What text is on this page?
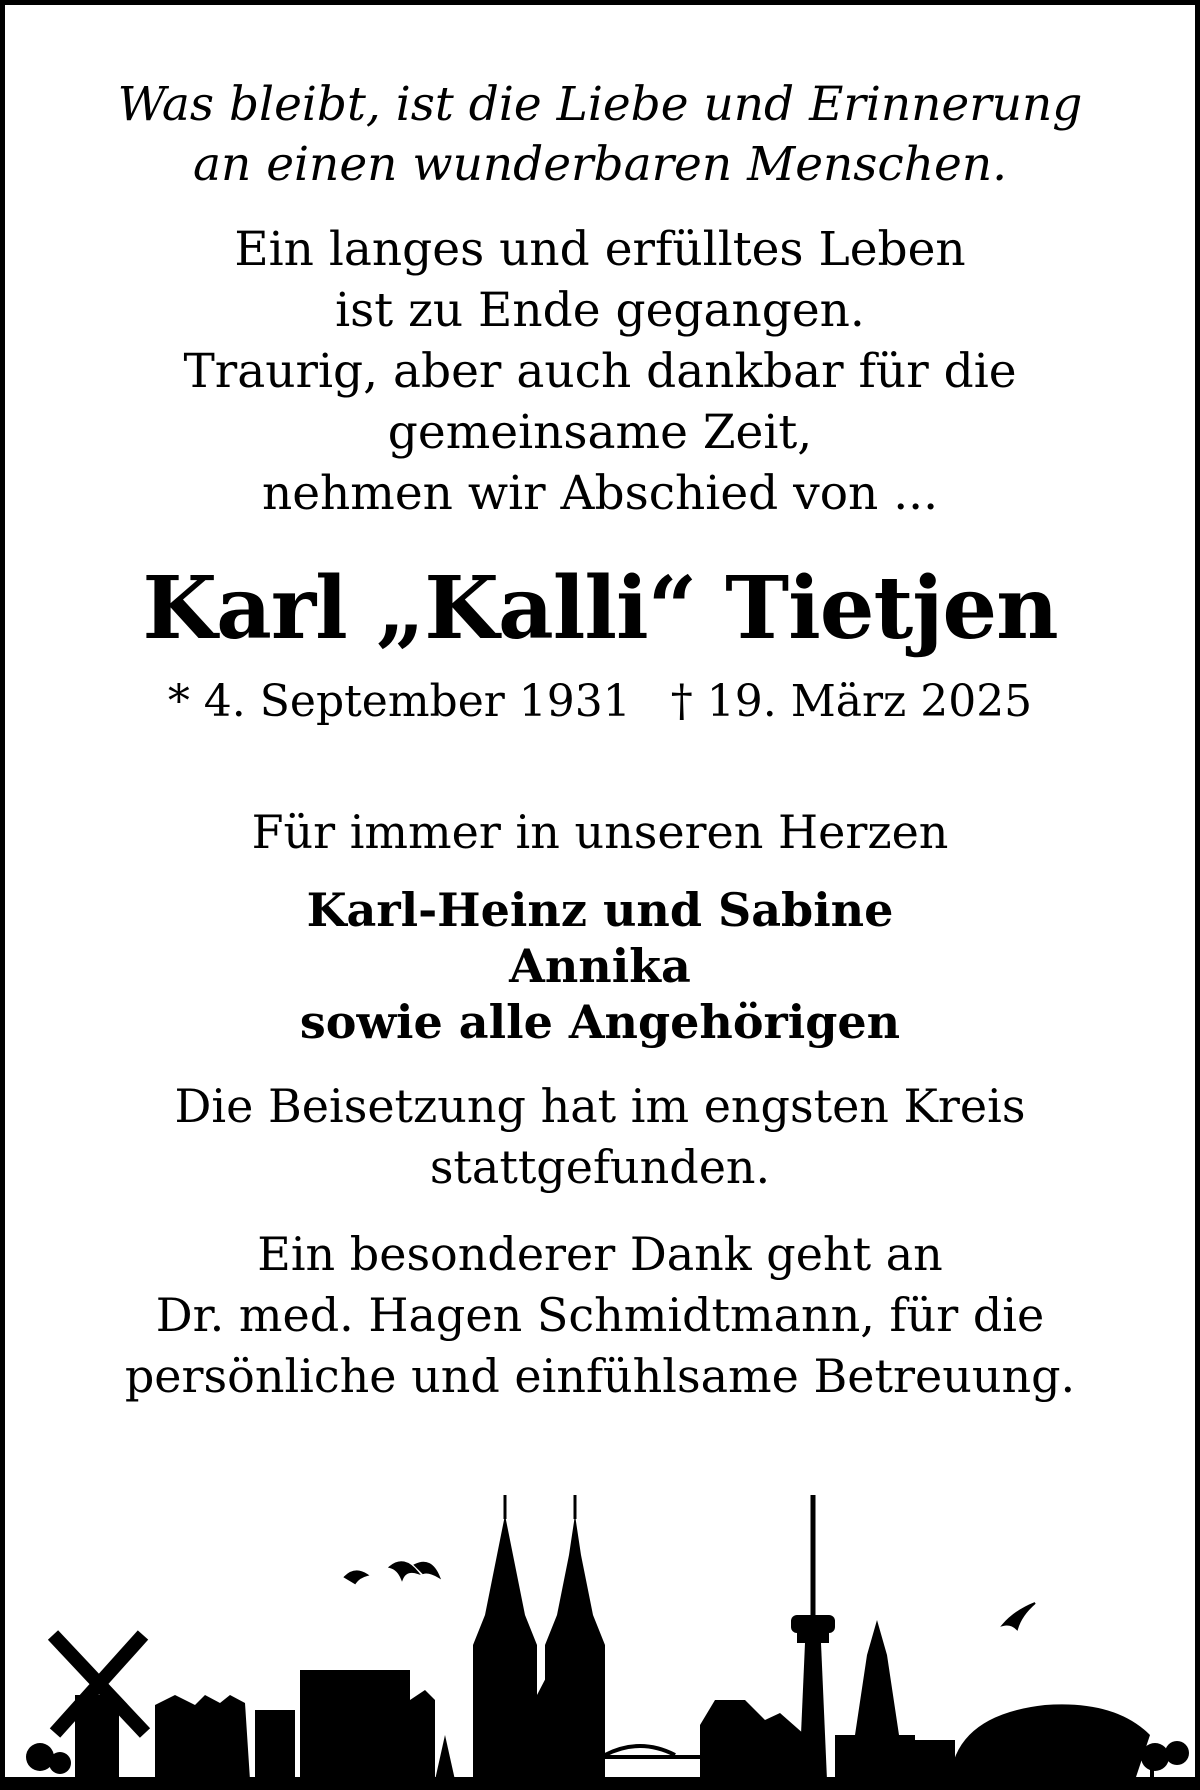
Was bleibt, ist die Liebe und Erinnerung
an einen wunderbaren Menschen.

Ein langes und erfülltes Leben
ist zu Ende gegangen.
Traurig, aber auch dankbar für die
gemeinsame Zeit,
nehmen wir Abschied von ...

Karl „Kalli“ Tietjen

* 4. September 1931 † 19. März 2025

Für immer in unseren Herzen

Karl-Heinz und Sabine
Annika
sowie alle Angehörigen

Die Beisetzung hat im engsten Kreis
stattgefunden.

Ein besonderer Dank geht an
Dr. med. Hagen Schmidtmann, für die
persönliche und einfühlsame Betreuung.
